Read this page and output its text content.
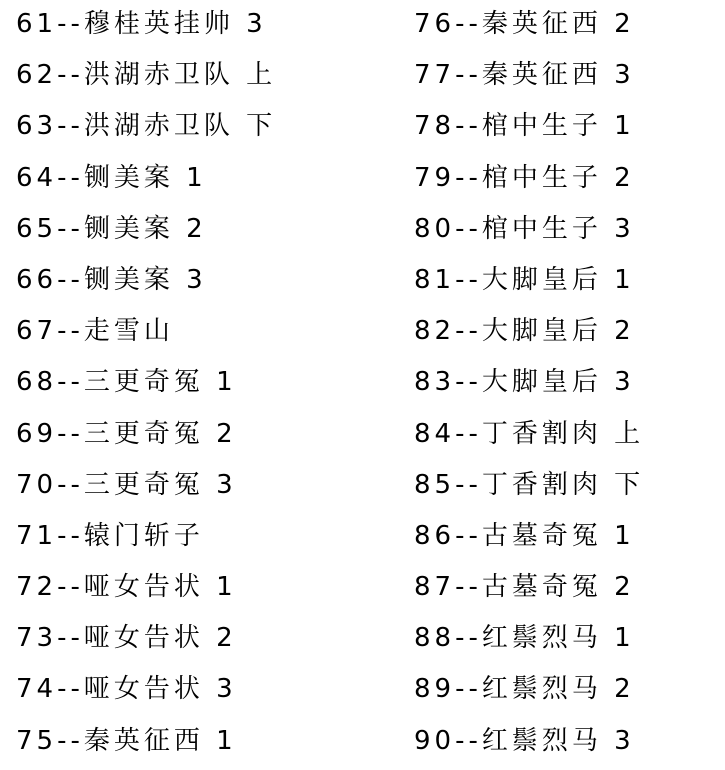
61--穆桂英挂帅 3
62--洪湖赤卫队 上
63--洪湖赤卫队 下
64--铡美案 1
65--铡美案 2
66--铡美案 3
67--走雪山
68--三更奇冤 1
69--三更奇冤 2
70--三更奇冤 3
71--辕门斩子
72--哑女告状 1
73--哑女告状 2
74--哑女告状 3
75--秦英征西 1
76--秦英征西 2
77--秦英征西 3
78--棺中生子 1
79--棺中生子 2
80--棺中生子 3
81--大脚皇后 1
82--大脚皇后 2
83--大脚皇后 3
84--丁香割肉 上
85--丁香割肉 下
86--古墓奇冤 1
87--古墓奇冤 2
88--红鬃烈马 1
89--红鬃烈马 2
90--红鬃烈马 3
